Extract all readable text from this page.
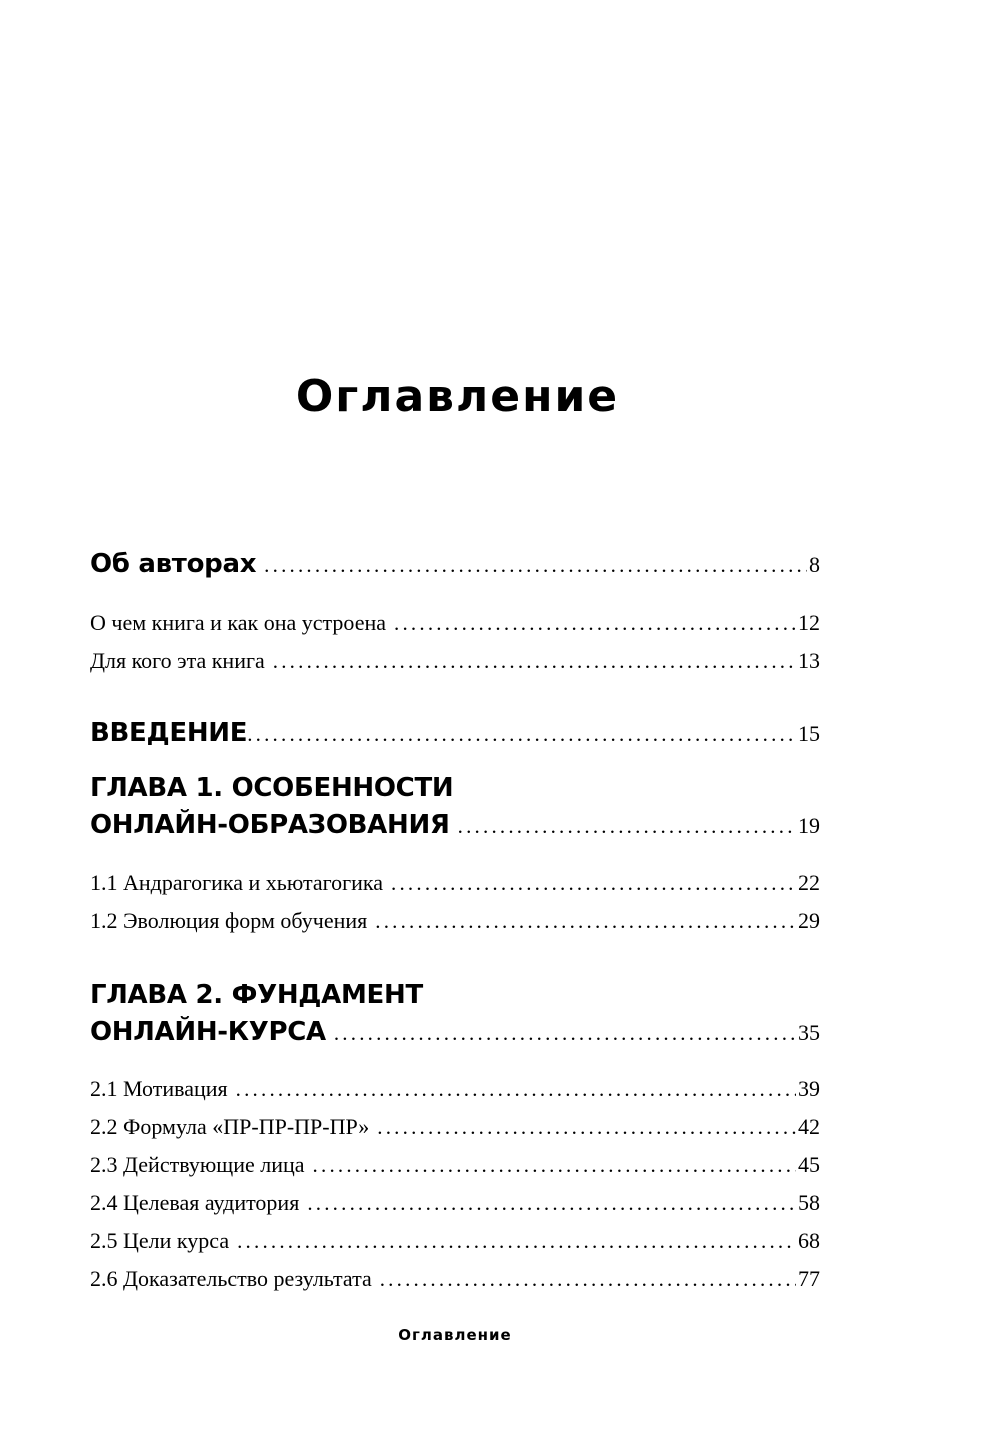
Оглавление
Об авторах .....	8
О чем книга и как она устроена .....	12
Для кого эта книга .....	13
ВВЕДЕНИЕ .....	15
ГЛАВА 1. ОСОБЕННОСТИ
ОНЛАЙН-ОБРАЗОВАНИЯ .....	19
1.1 Андрагогика и хьютагогика .....	22
1.2 Эволюция форм обучения .....	29
ГЛАВА 2. ФУНДАМЕНТ
ОНЛАЙН-КУРСА .....	35
2.1 Мотивация .....	39
2.2 Формула «ПР-ПР-ПР-ПР» .....	42
2.3 Действующие лица .....	45
2.4 Целевая аудитория .....	58
2.5 Цели курса .....	68
2.6 Доказательство результата .....	77
Оглавление
